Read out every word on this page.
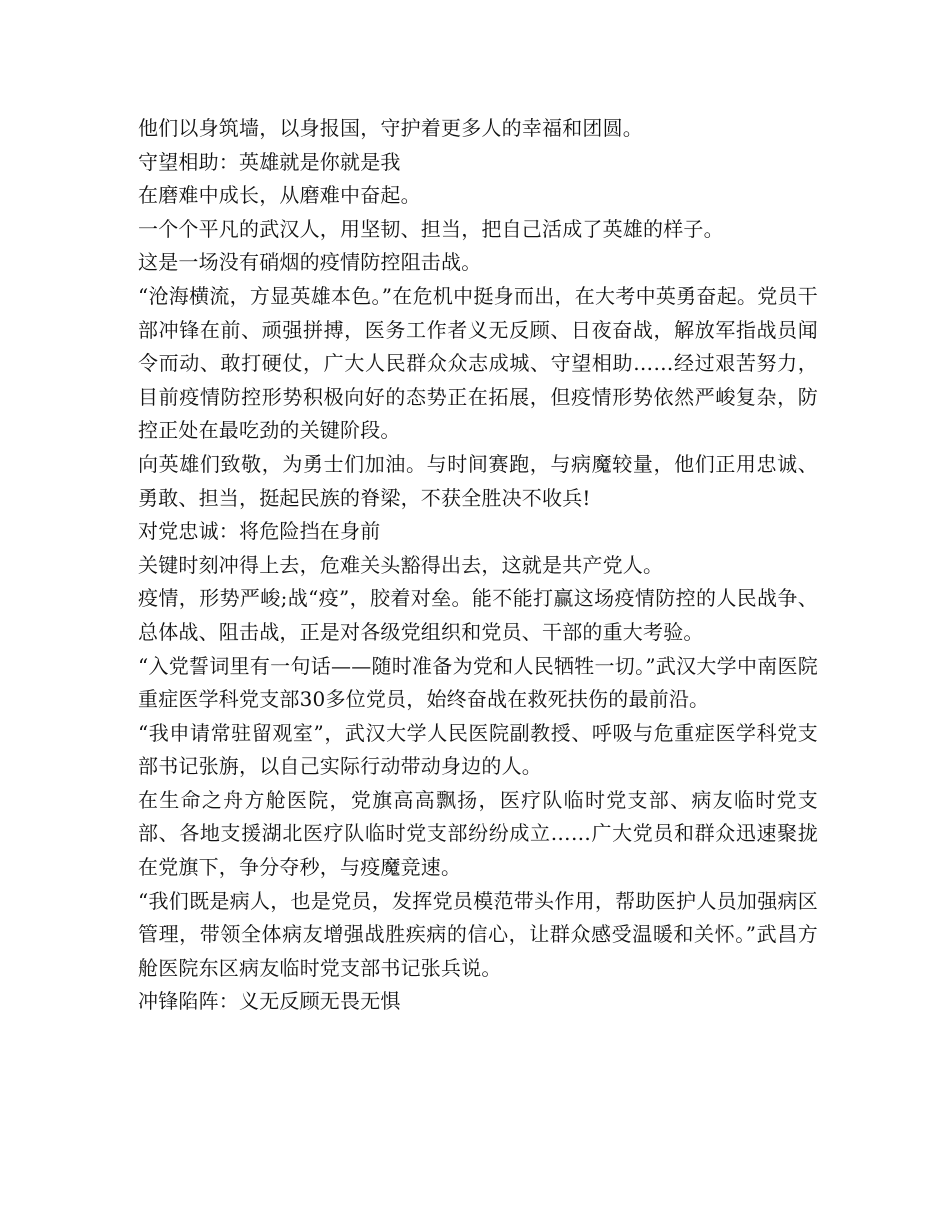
他们以身筑墙，以身报国，守护着更多人的幸福和团圆。

守望相助：英雄就是你就是我

在磨难中成长，从磨难中奋起。

一个个平凡的武汉人，用坚韧、担当，把自己活成了英雄的样子。

这是一场没有硝烟的疫情防控阻击战。

“沧海横流，方显英雄本色。”在危机中挺身而出，在大考中英勇奋起。党员干部冲锋在前、顽强拼搏，医务工作者义无反顾、日夜奋战，解放军指战员闻令而动、敢打硬仗，广大人民群众众志成城、守望相助……经过艰苦努力，目前疫情防控形势积极向好的态势正在拓展，但疫情形势依然严峻复杂，防控正处在最吃劲的关键阶段。

向英雄们致敬，为勇士们加油。与时间赛跑，与病魔较量，他们正用忠诚、勇敢、担当，挺起民族的脊梁，不获全胜决不收兵!

对党忠诚：将危险挡在身前

关键时刻冲得上去，危难关头豁得出去，这就是共产党人。

疫情，形势严峻;战“疫”，胶着对垒。能不能打赢这场疫情防控的人民战争、总体战、阻击战，正是对各级党组织和党员、干部的重大考验。

“入党誓词里有一句话——随时准备为党和人民牺牲一切。”武汉大学中南医院重症医学科党支部30多位党员，始终奋战在救死扶伤的最前沿。

“我申请常驻留观室”，武汉大学人民医院副教授、呼吸与危重症医学科党支部书记张旃，以自己实际行动带动身边的人。

在生命之舟方舱医院，党旗高高飘扬，医疗队临时党支部、病友临时党支部、各地支援湖北医疗队临时党支部纷纷成立……广大党员和群众迅速聚拢在党旗下，争分夺秒，与疫魔竞速。

“我们既是病人，也是党员，发挥党员模范带头作用，帮助医护人员加强病区管理，带领全体病友增强战胜疾病的信心，让群众感受温暖和关怀。”武昌方舱医院东区病友临时党支部书记张兵说。

冲锋陷阵：义无反顾无畏无惧
